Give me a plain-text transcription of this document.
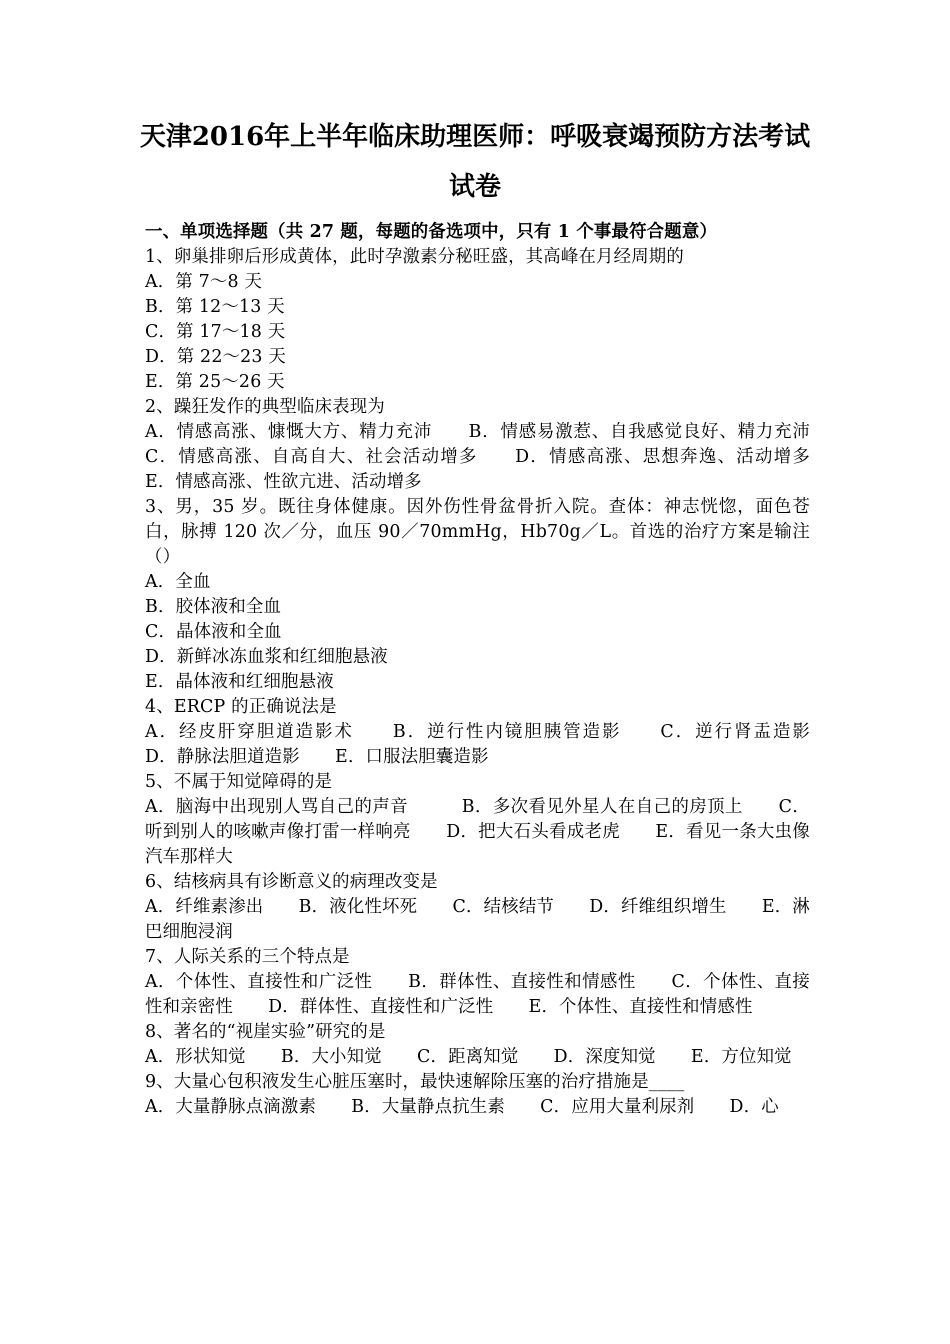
天津2016年上半年临床助理医师：呼吸衰竭预防方法考试
试卷
一、单项选择题（共 27 题，每题的备选项中，只有 1 个事最符合题意）
1、卵巢排卵后形成黄体，此时孕激素分秘旺盛，其高峰在月经周期的
A．第 7～8 天
B．第 12～13 天
C．第 17～18 天
D．第 22～23 天
E．第 25～26 天
2、躁狂发作的典型临床表现为
A．情感高涨、慷慨大方、精力充沛　　B．情感易激惹、自我感觉良好、精力充沛　　C．情感高涨、自高自大、社会活动增多　　D．情感高涨、思想奔逸、活动增多　　E．情感高涨、性欲亢进、活动增多
3、男，35 岁。既往身体健康。因外伤性骨盆骨折入院。查体：神志恍惚，面色苍白，脉搏 120 次／分，血压 90／70mmHg，Hb70g／L。首选的治疗方案是输注（）
A．全血
B．胶体液和全血
C．晶体液和全血
D．新鲜冰冻血浆和红细胞悬液
E．晶体液和红细胞悬液
4、ERCP 的正确说法是
A．经皮肝穿胆道造影术　　B．逆行性内镜胆胰管造影　　C．逆行肾盂造影　　D．静脉法胆道造影　　E．口服法胆囊造影
5、不属于知觉障碍的是
A．脑海中出现别人骂自己的声音　　　B．多次看见外星人在自己的房顶上　　C．听到别人的咳嗽声像打雷一样响亮　　D．把大石头看成老虎　　E．看见一条大虫像汽车那样大
6、结核病具有诊断意义的病理改变是
A．纤维素渗出　　B．液化性坏死　　C．结核结节　　D．纤维组织增生　　E．淋巴细胞浸润
7、人际关系的三个特点是
A．个体性、直接性和广泛性　　B．群体性、直接性和情感性　　C．个体性、直接性和亲密性　　D．群体性、直接性和广泛性　　E．个体性、直接性和情感性
8、著名的“视崖实验”研究的是
A．形状知觉　　B．大小知觉　　C．距离知觉　　D．深度知觉　　E．方位知觉
9、大量心包积液发生心脏压塞时，最快速解除压塞的治疗措施是____
A．大量静脉点滴激素　　B．大量静点抗生素　　C．应用大量利尿剂　　D．心
